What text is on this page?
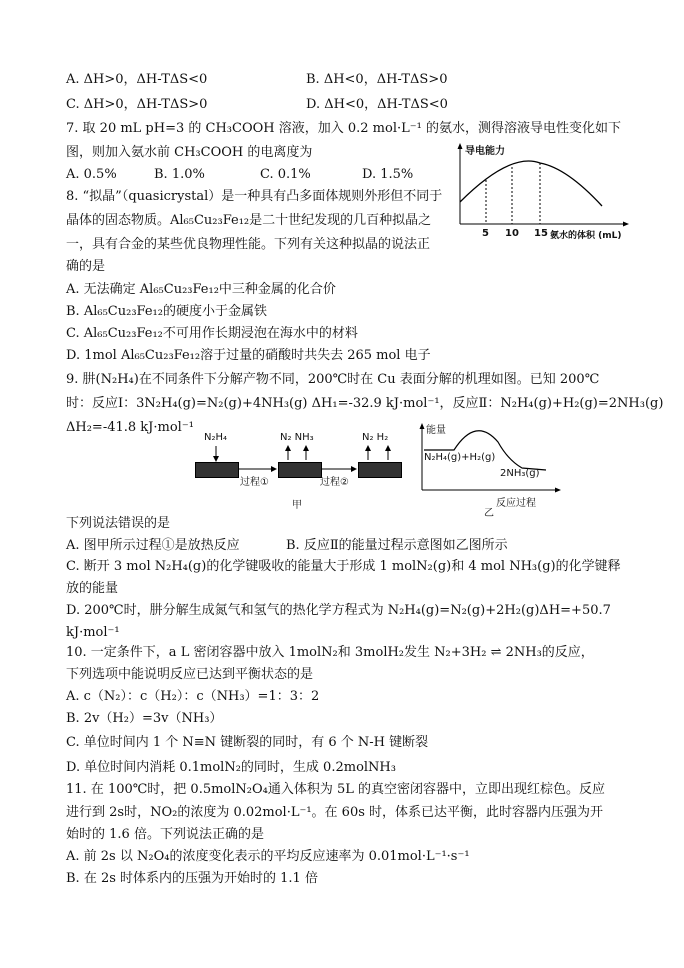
A. ΔH>0，ΔH-TΔS<0	B. ΔH<0，ΔH-TΔS>0
C. ΔH>0，ΔH-TΔS>0	D. ΔH<0，ΔH-TΔS<0
7. 取 20 mL pH=3 的 CH₃COOH 溶液，加入 0.2 mol·L⁻¹ 的氨水，测得溶液导电性变化如下
图，则加入氨水前 CH₃COOH 的电离度为
A. 0.5%	B. 1.0%	C. 0.1%	D. 1.5%
导电能力
5 10 15 氨水的体积 (mL)
8. “拟晶”（quasicrystal）是一种具有凸多面体规则外形但不同于
晶体的固态物质。Al₆₅Cu₂₃Fe₁₂是二十世纪发现的几百种拟晶之
一，具有合金的某些优良物理性能。下列有关这种拟晶的说法正
确的是
A. 无法确定 Al₆₅Cu₂₃Fe₁₂中三种金属的化合价
B. Al₆₅Cu₂₃Fe₁₂的硬度小于金属铁
C. Al₆₅Cu₂₃Fe₁₂不可用作长期浸泡在海水中的材料
D. 1mol Al₆₅Cu₂₃Fe₁₂溶于过量的硝酸时共失去 265 mol 电子
9. 肼(N₂H₄)在不同条件下分解产物不同，200℃时在 Cu 表面分解的机理如图。已知 200℃
时：反应Ⅰ：3N₂H₄(g)=N₂(g)+4NH₃(g) ΔH₁=-32.9 kJ·mol⁻¹，反应Ⅱ：N₂H₄(g)+H₂(g)=2NH₃(g)
ΔH₂=-41.8 kJ·mol⁻¹
N₂H₄	N₂ NH₃	N₂ H₂
过程①	过程②
甲
能量
N₂H₄(g)+H₂(g)
2NH₃(g)
反应过程
乙
下列说法错误的是
A. 图甲所示过程①是放热反应	B. 反应Ⅱ的能量过程示意图如乙图所示
C. 断开 3 mol N₂H₄(g)的化学键吸收的能量大于形成 1 molN₂(g)和 4 mol NH₃(g)的化学键释
放的能量
D. 200℃时，肼分解生成氮气和氢气的热化学方程式为 N₂H₄(g)=N₂(g)+2H₂(g)ΔH=+50.7
kJ·mol⁻¹
10. 一定条件下，a L 密闭容器中放入 1molN₂和 3molH₂发生 N₂+3H₂ ⇌ 2NH₃的反应，
下列选项中能说明反应已达到平衡状态的是
A. c（N₂）：c（H₂）：c（NH₃）=1：3：2
B. 2v（H₂）=3v（NH₃）
C. 单位时间内 1 个 N≡N 键断裂的同时，有 6 个 N-H 键断裂
D. 单位时间内消耗 0.1molN₂的同时，生成 0.2molNH₃
11. 在 100℃时，把 0.5molN₂O₄通入体积为 5L 的真空密闭容器中，立即出现红棕色。反应
进行到 2s时，NO₂的浓度为 0.02mol·L⁻¹。在 60s 时，体系已达平衡，此时容器内压强为开
始时的 1.6 倍。下列说法正确的是
A. 前 2s 以 N₂O₄的浓度变化表示的平均反应速率为 0.01mol·L⁻¹·s⁻¹
B. 在 2s 时体系内的压强为开始时的 1.1 倍
